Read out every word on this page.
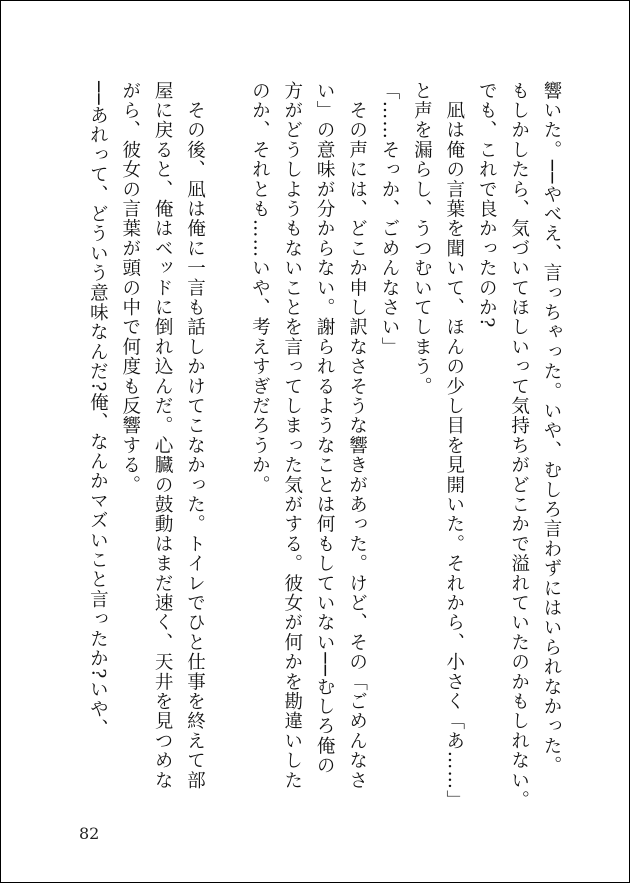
響いた。──やべえ、言っちゃった。いや、むしろ言わずにはいられなかった。
もしかしたら、気づいてほしいって気持ちがどこかで溢れていたのかもしれない。
でも、これで良かったのか?
　凪は俺の言葉を聞いて、ほんの少し目を見開いた。それから、小さく「あ……」
と声を漏らし、うつむいてしまう。
「……そっか、ごめんなさい」
　その声には、どこか申し訳なさそうな響きがあった。けど、その「ごめんなさ
い」の意味が分からない。謝られるようなことは何もしていない──むしろ俺の
方がどうしようもないことを言ってしまった気がする。彼女が何かを勘違いした
のか、それとも……いや、考えすぎだろうか。

　その後、凪は俺に一言も話しかけてこなかった。トイレでひと仕事を終えて部
屋に戻ると、俺はベッドに倒れ込んだ。心臓の鼓動はまだ速く、天井を見つめな
がら、彼女の言葉が頭の中で何度も反響する。
──あれって、どういう意味なんだ?俺、なんかマズいこと言ったか?いや、
82
